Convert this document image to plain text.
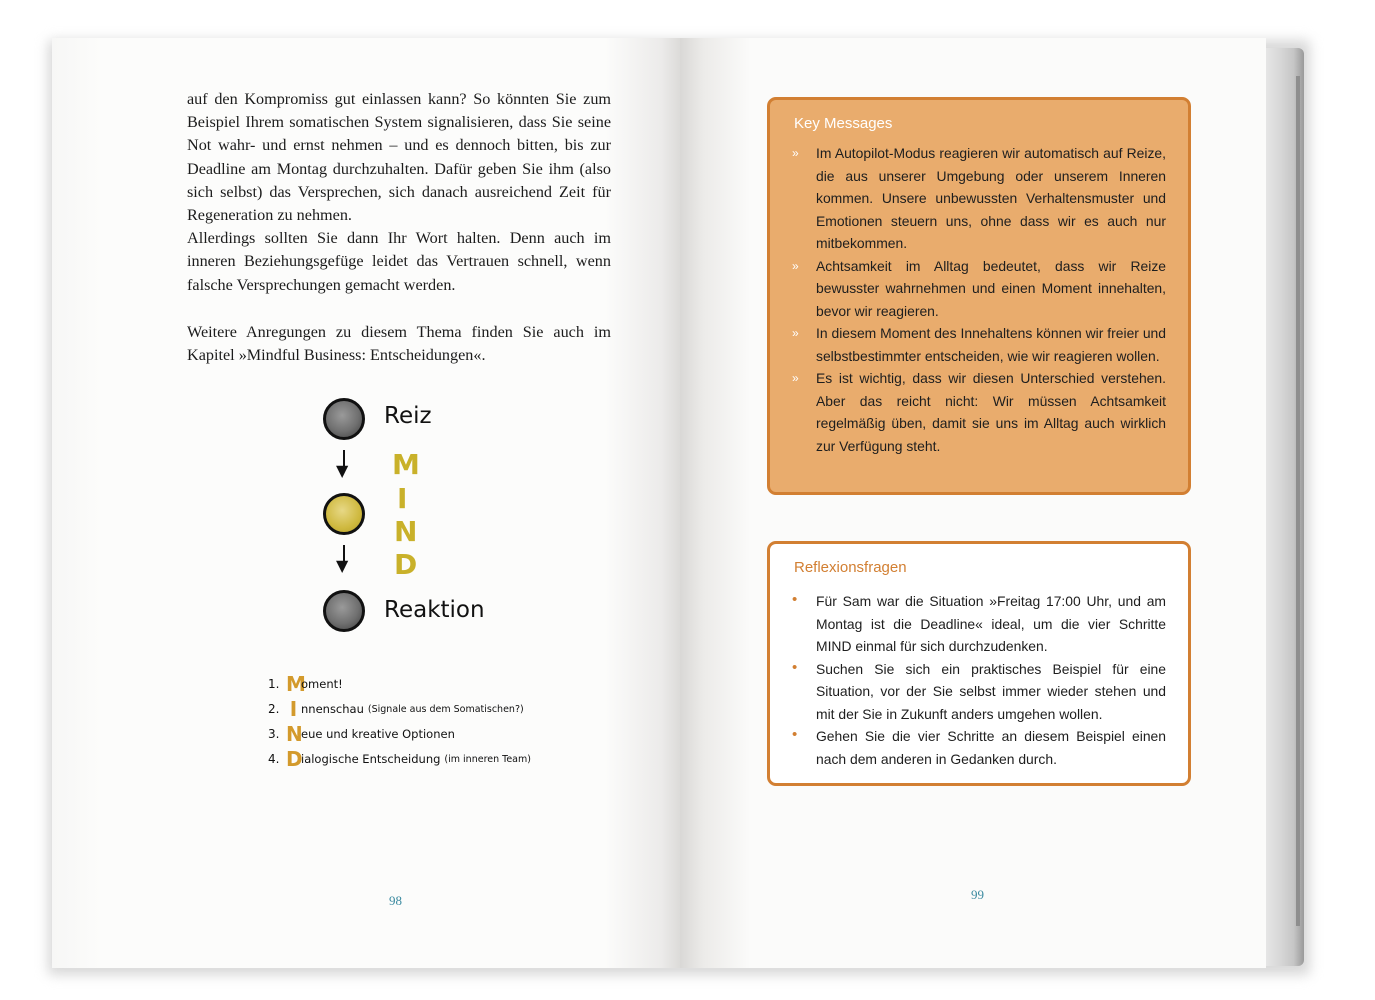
auf den Kompromiss gut einlassen kann? So könnten Sie zum Beispiel Ihrem somatischen System signalisieren, dass Sie seine Not wahr- und ernst nehmen – und es dennoch bitten, bis zur Deadline am Montag durchzuhalten. Dafür geben Sie ihm (also sich selbst) das Versprechen, sich danach ausreichend Zeit für Regeneration zu nehmen.

Allerdings sollten Sie dann Ihr Wort halten. Denn auch im inneren Beziehungsgefüge leidet das Vertrauen schnell, wenn falsche Versprechungen gemacht werden.

Weitere Anregungen zu diesem Thema finden Sie auch im Kapitel »Mindful Business: Entscheidungen«.

Reiz
▼
▼
Reaktion
M
I
N
D
1. M
oment!
2. I nnenschau (Signale aus dem Somatischen?)
3. N
eue und kreative Optionen
4. D
ialogische Entscheidung (im inneren Team)
98
Key Messages
» Im Autopilot-Modus reagieren wir automatisch auf Reize, die aus unserer Umgebung oder unserem Inneren kommen. Unsere unbewussten Verhaltensmuster und Emotionen steuern uns, ohne dass wir es auch nur mitbekommen.

» Achtsamkeit im Alltag bedeutet, dass wir Reize bewusster wahrnehmen und einen Moment innehalten, bevor wir reagieren.

» In diesem Moment des Innehaltens können wir freier und selbstbestimmter entscheiden, wie wir reagieren wollen.

» Es ist wichtig, dass wir diesen Unterschied verstehen. Aber das reicht nicht: Wir müssen Achtsamkeit regelmäßig üben, damit sie uns im Alltag auch wirklich zur Verfügung steht.

Reflexionsfragen
• Für Sam war die Situation »Freitag 17:00 Uhr, und am Montag ist die Deadline« ideal, um die vier Schritte MIND einmal für sich durchzudenken.

• Suchen Sie sich ein praktisches Beispiel für eine Situation, vor der Sie selbst immer wieder stehen und mit der Sie in Zukunft anders umgehen wollen.

• Gehen Sie die vier Schritte an diesem Beispiel einen nach dem anderen in Gedanken durch.

99
